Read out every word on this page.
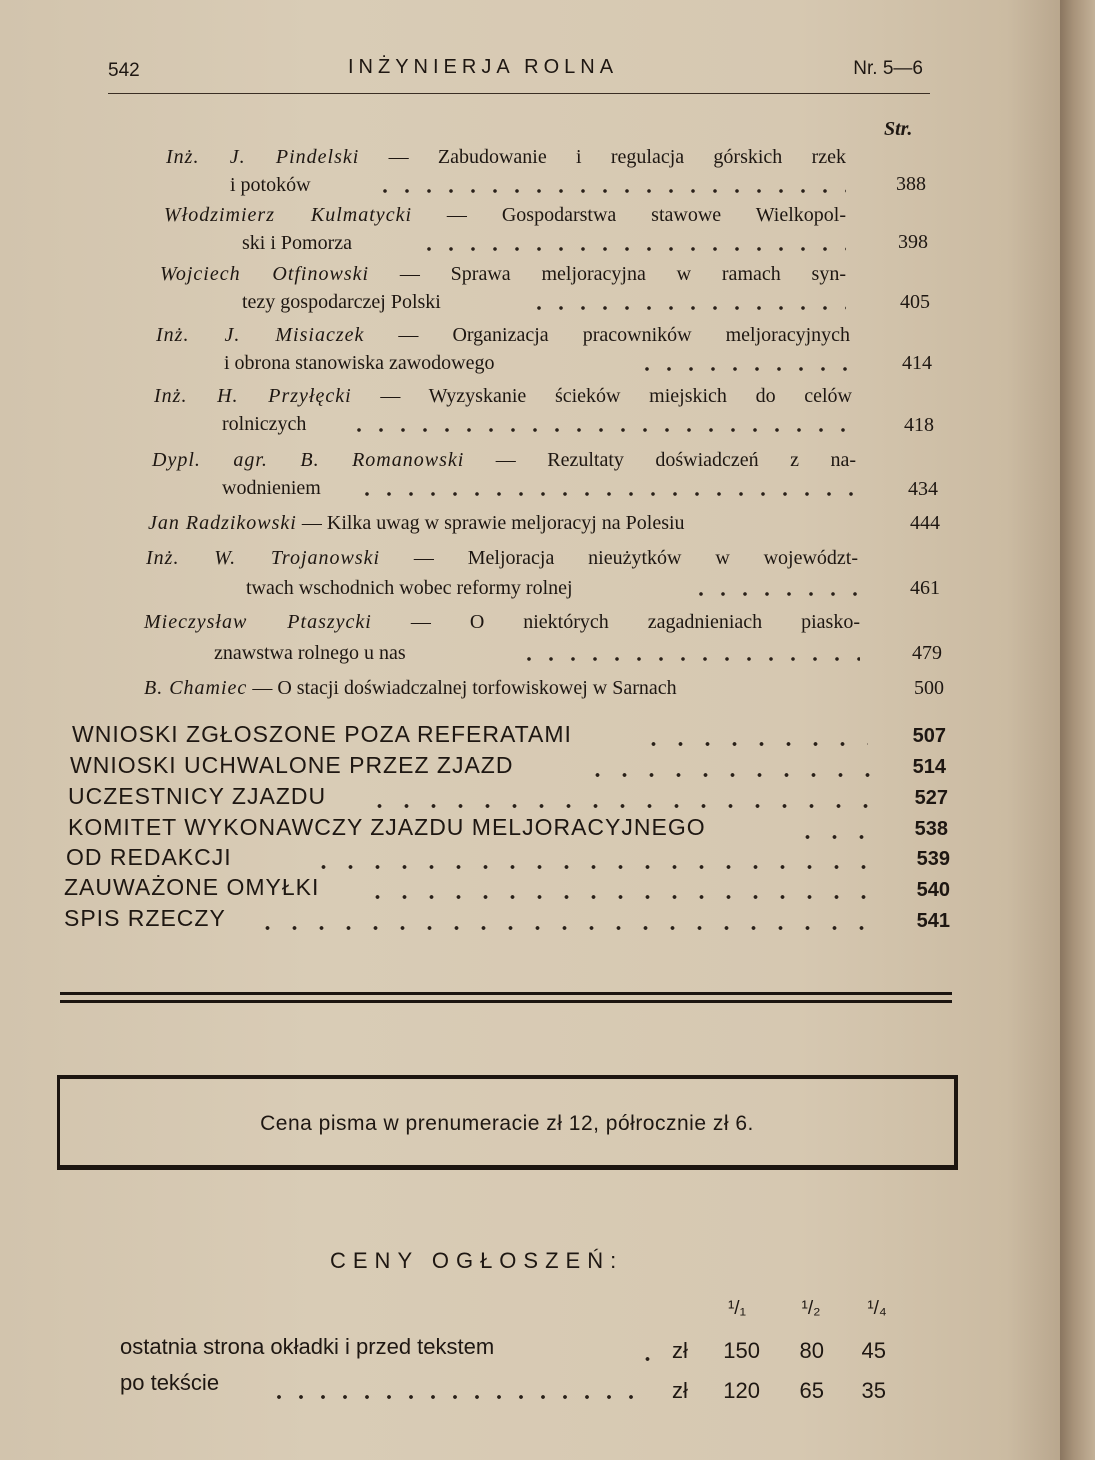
542	INŻYNIERJA ROLNA	Nr. 5—6
Str.
Inż. J. Pindelski — Zabudowanie i regulacja górskich rzek
i potoków	388
Włodzimierz Kulmatycki — Gospodarstwa stawowe Wielkopol-
ski i Pomorza	398
Wojciech Otfinowski — Sprawa meljoracyjna w ramach syn-
tezy gospodarczej Polski	405
Inż. J. Misiaczek — Organizacja pracowników meljoracyjnych
i obrona stanowiska zawodowego	414
Inż. H. Przyłęcki — Wyzyskanie ścieków miejskich do celów
rolniczych	418
Dypl. agr. B. Romanowski — Rezultaty doświadczeń z na-
wodnieniem	434
Jan Radzikowski — Kilka uwag w sprawie meljoracyj na Polesiu	444
Inż. W. Trojanowski — Meljoracja nieużytków w województ-
twach wschodnich wobec reformy rolnej	461
Mieczysław Ptaszycki — O niektórych zagadnieniach piasko-
znawstwa rolnego u nas	479
B. Chamiec — O stacji doświadczalnej torfowiskowej w Sarnach	500
WNIOSKI ZGŁOSZONE POZA REFERATAMI	507
WNIOSKI UCHWALONE PRZEZ ZJAZD	514
UCZESTNICY ZJAZDU	527
KOMITET WYKONAWCZY ZJAZDU MELJORACYJNEGO	538
OD REDAKCJI	539
ZAUWAŻONE OMYŁKI	540
SPIS RZECZY	541
Cena pisma w prenumeracie zł 12, półrocznie zł 6.
CENY OGŁOSZEŃ:
¹/₁	¹/₂	¹/₄
ostatnia strona okładki i przed tekstem	zł	150	80	45
po tekście	zł	120	65	35
